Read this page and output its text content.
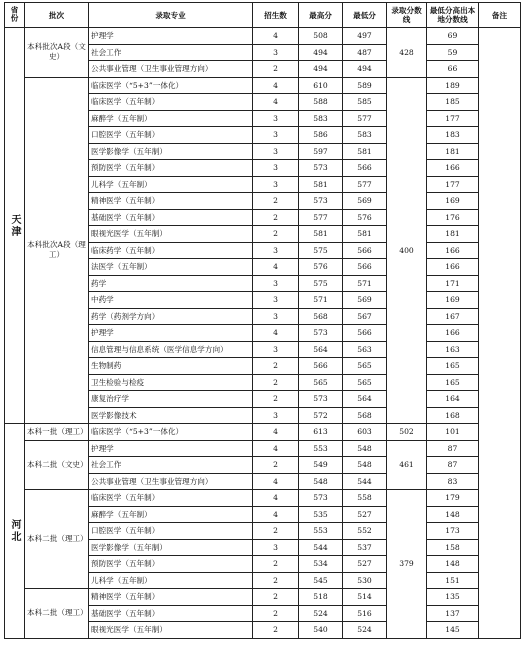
省份	批次	录取专业	招生数	最高分	最低分	录取分数线	最低分高出本地分数线	备注
天津	本科批次A段（文史）	护理学	4	508	497	428	69	
		社会工作	3	494	487		59	
		公共事业管理（卫生事业管理方向）	2	494	494		66	
	本科批次A段（理工）	临床医学（“5+3”一体化）	4	610	589	400	189	
		临床医学（五年制）	4	588	585		185	
		麻醉学（五年制）	3	583	577		177	
		口腔医学（五年制）	3	586	583		183	
		医学影像学（五年制）	3	597	581		181	
		预防医学（五年制）	3	573	566		166	
		儿科学（五年制）	3	581	577		177	
		精神医学（五年制）	2	573	569		169	
		基础医学（五年制）	2	577	576		176	
		眼视光医学（五年制）	2	581	581		181	
		临床药学（五年制）	3	575	566		166	
		法医学（五年制）	4	576	566		166	
		药学	3	575	571		171	
		中药学	3	571	569		169	
		药学（药剂学方向）	3	568	567		167	
		护理学	4	573	566		166	
		信息管理与信息系统（医学信息学方向）	3	564	563		163	
		生物制药	2	566	565		165	
		卫生检验与检疫	2	565	565		165	
		康复治疗学	2	573	564		164	
		医学影像技术	3	572	568		168	
河北	本科一批（理工）	临床医学（“5+3”一体化）	4	613	603	502	101	
	本科二批（文史）	护理学	4	553	548	461	87	
		社会工作	2	549	548		87	
		公共事业管理（卫生事业管理方向）	4	548	544		83	
	本科二批（理工）	临床医学（五年制）	4	573	558	379	179	
		麻醉学（五年制）	4	535	527		148	
		口腔医学（五年制）	2	553	552		173	
		医学影像学（五年制）	3	544	537		158	
		预防医学（五年制）	2	534	527		148	
		儿科学（五年制）	2	545	530		151	
	本科二批（理工）	精神医学（五年制）	2	518	514		135	
		基础医学（五年制）	2	524	516		137	
		眼视光医学（五年制）	2	540	524		145	
